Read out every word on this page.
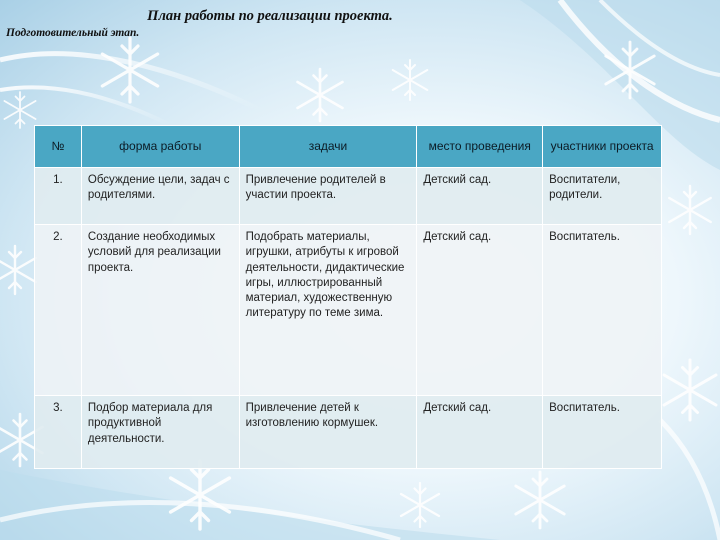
План работы по реализации проекта.
Подготовительный этап.
№	форма работы	задачи	место проведения	участники проекта
1.	Обсуждение цели, задач с родителями.	Привлечение родителей в участии проекта.	Детский сад.	Воспитатели, родители.
2.	Создание необходимых условий для реализации проекта.	Подобрать материалы, игрушки, атрибуты к игровой деятельности, дидактические игры, иллюстрированный материал, художественную литературу по теме зима.	Детский сад.	Воспитатель.
3.	Подбор материала для продуктивной деятельности.	Привлечение детей к изготовлению кормушек.	Детский сад.	Воспитатель.
